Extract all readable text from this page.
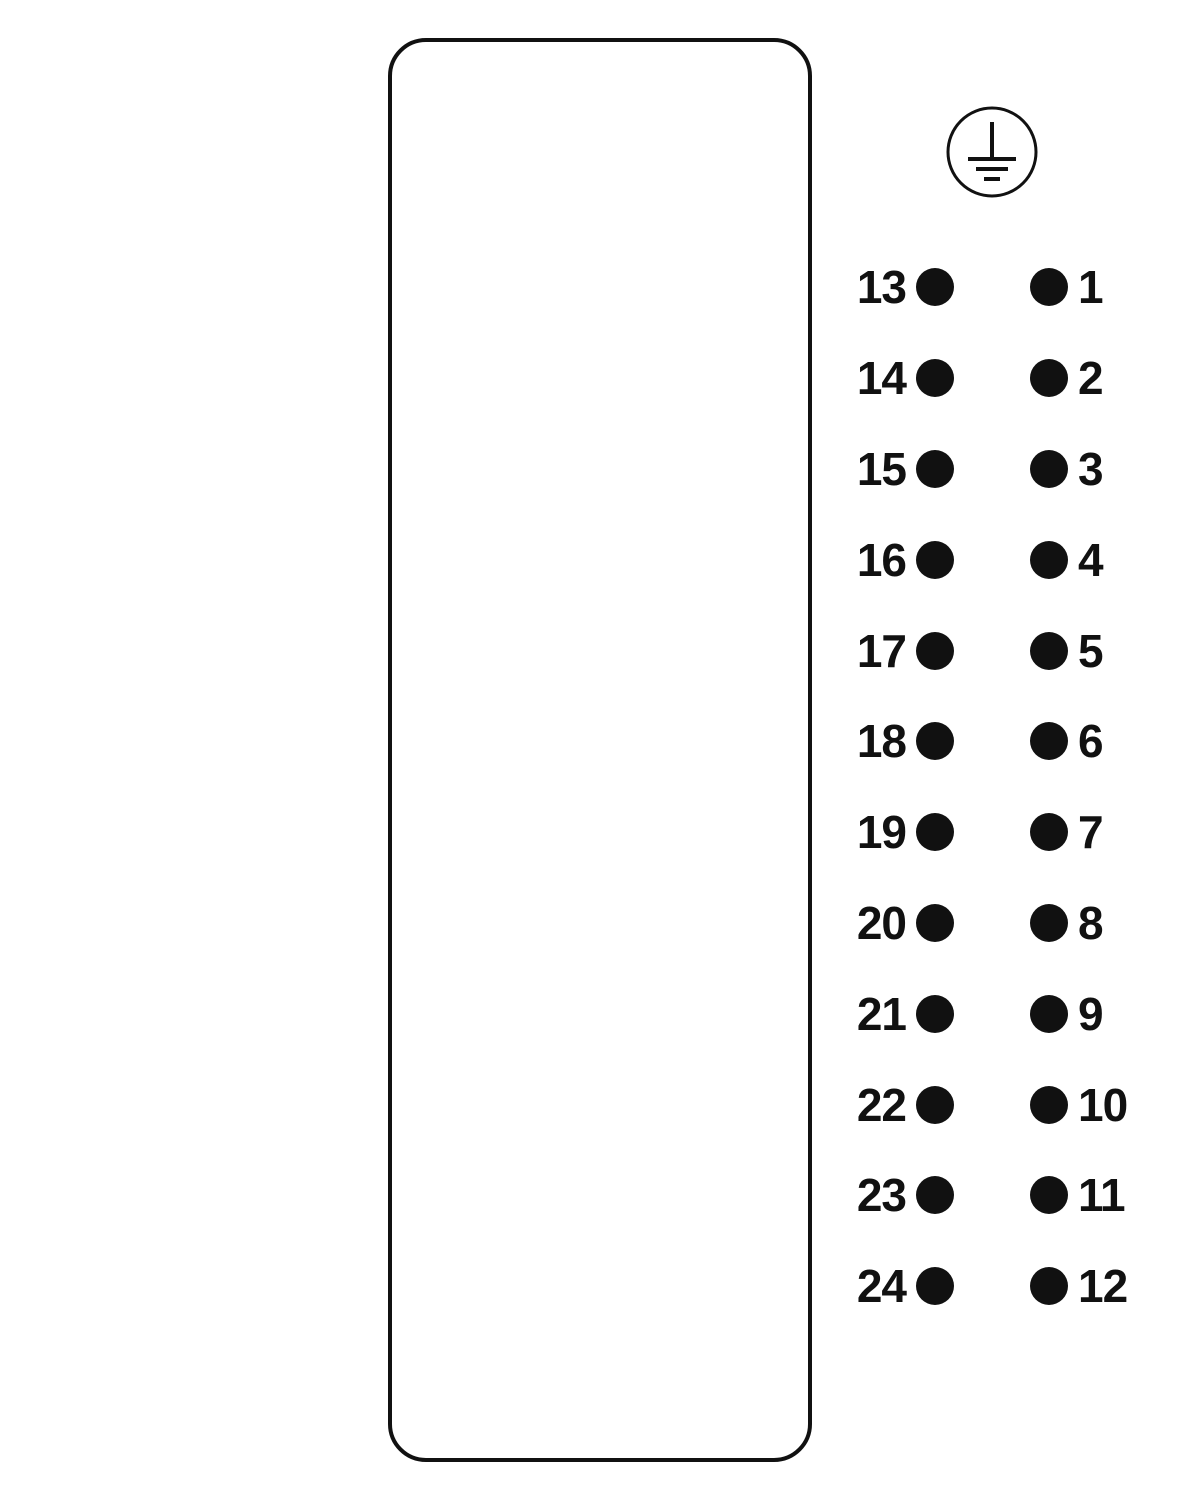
13	1
14	2
15	3
16	4
17	5
18	6
19	7
20	8
21	9
22	10
23	11
24	12
